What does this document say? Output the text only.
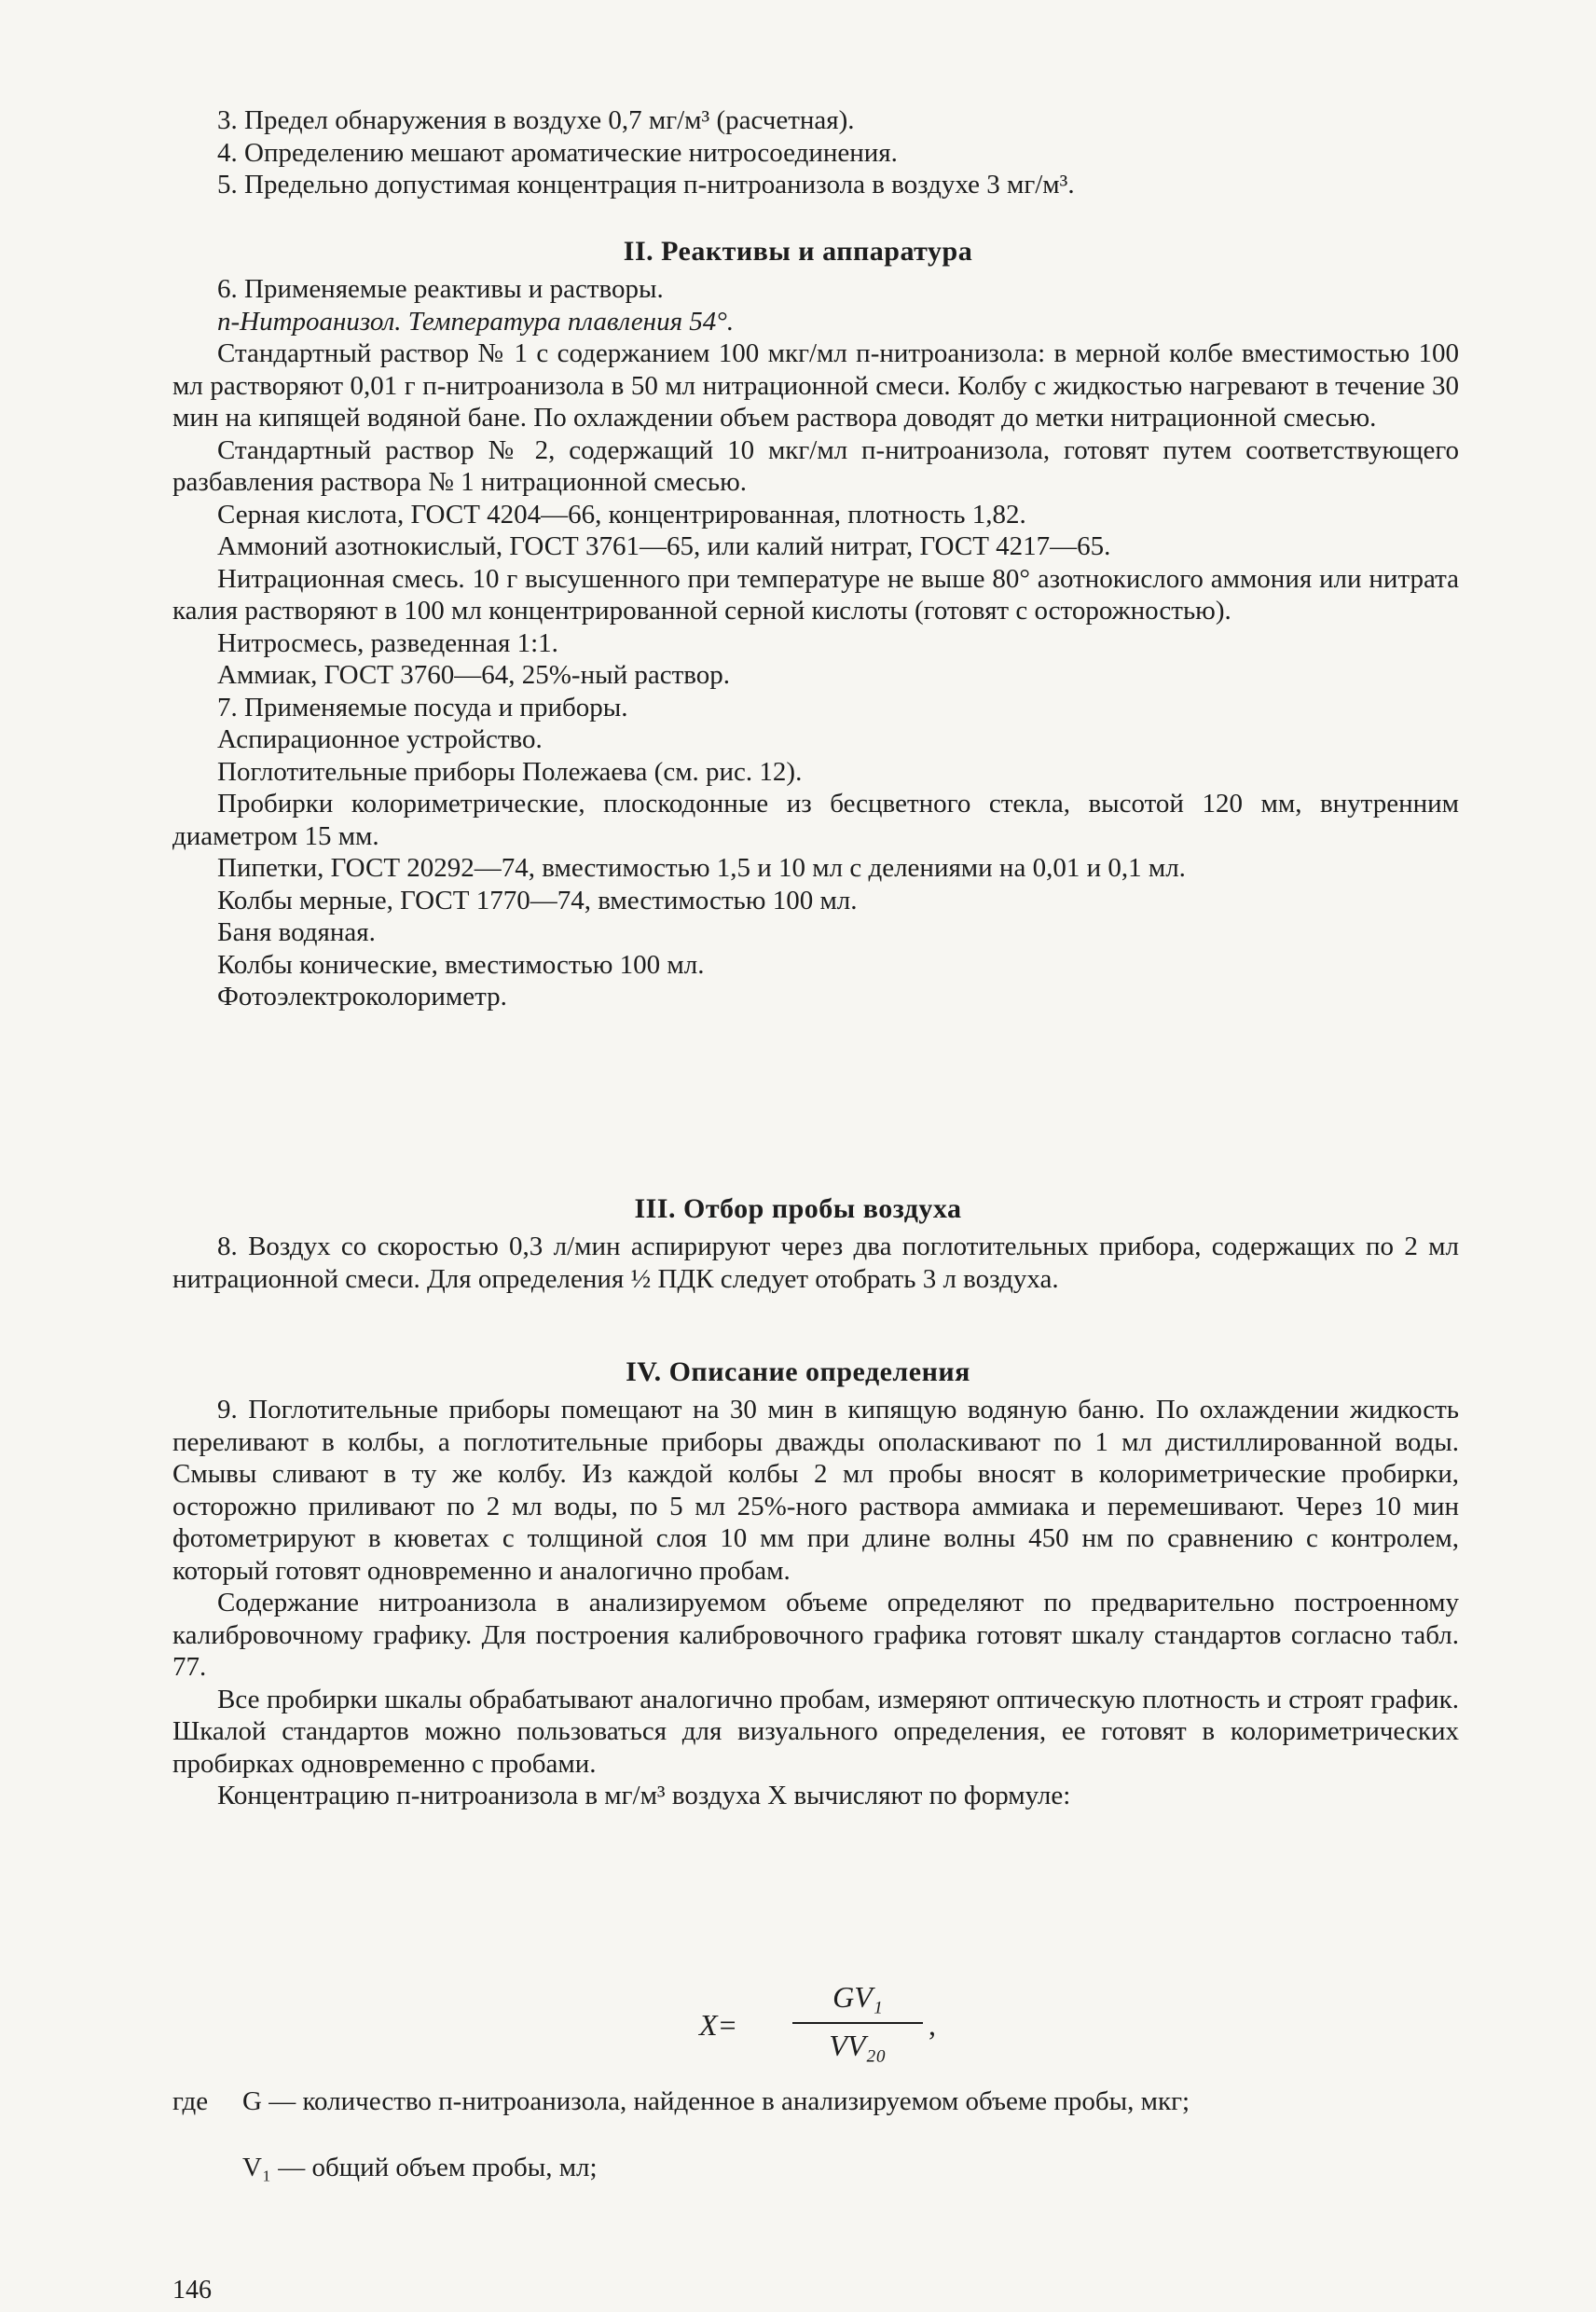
3. Предел обнаружения в воздухе 0,7 мг/м³ (расчетная).

4. Определению мешают ароматические нитросоединения.

5. Предельно допустимая концентрация п-нитроанизола в воздухе 3 мг/м³.

II. Реактивы и аппаратура

6. Применяемые реактивы и растворы.

п-Нитроанизол. Температура плавления 54°.

Стандартный раствор № 1 с содержанием 100 мкг/мл п-нитроанизола: в мерной колбе вместимостью 100 мл растворяют 0,01 г п-нитроанизола в 50 мл нитрационной смеси. Колбу с жидкостью нагревают в течение 30 мин на кипящей водяной бане. По охлаждении объем раствора доводят до метки нитрационной смесью.

Стандартный раствор № 2, содержащий 10 мкг/мл п-нитроанизола, готовят путем соответствующего разбавления раствора № 1 нитрационной смесью.

Серная кислота, ГОСТ 4204—66, концентрированная, плотность 1,82.

Аммоний азотнокислый, ГОСТ 3761—65, или калий нитрат, ГОСТ 4217—65.

Нитрационная смесь. 10 г высушенного при температуре не выше 80° азотнокислого аммония или нитрата калия растворяют в 100 мл концентрированной серной кислоты (готовят с осторожностью).

Нитросмесь, разведенная 1:1.

Аммиак, ГОСТ 3760—64, 25%-ный раствор.

7. Применяемые посуда и приборы.

Аспирационное устройство.

Поглотительные приборы Полежаева (см. рис. 12).

Пробирки колориметрические, плоскодонные из бесцветного стекла, высотой 120 мм, внутренним диаметром 15 мм.

Пипетки, ГОСТ 20292—74, вместимостью 1,5 и 10 мл с делениями на 0,01 и 0,1 мл.

Колбы мерные, ГОСТ 1770—74, вместимостью 100 мл.

Баня водяная.

Колбы конические, вместимостью 100 мл.

Фотоэлектроколориметр.

III. Отбор пробы воздуха

8. Воздух со скоростью 0,3 л/мин аспирируют через два поглотительных прибора, содержащих по 2 мл нитрационной смеси. Для определения ½ ПДК следует отобрать 3 л воздуха.

IV. Описание определения

9. Поглотительные приборы помещают на 30 мин в кипящую водяную баню. По охлаждении жидкость переливают в колбы, а поглотительные приборы дважды ополаскивают по 1 мл дистиллированной воды. Смывы сливают в ту же колбу. Из каждой колбы 2 мл пробы вносят в колориметрические пробирки, осторожно приливают по 2 мл воды, по 5 мл 25%-ного раствора аммиака и перемешивают. Через 10 мин фотометрируют в кюветах с толщиной слоя 10 мм при длине волны 450 нм по сравнению с контролем, который готовят одновременно и аналогично пробам.

Содержание нитроанизола в анализируемом объеме определяют по предварительно построенному калибровочному графику. Для построения калибровочного графика готовят шкалу стандартов согласно табл. 77.

Все пробирки шкалы обрабатывают аналогично пробам, измеряют оптическую плотность и строят график. Шкалой стандартов можно пользоваться для визуального определения, ее готовят в колориметрических пробирках одновременно с пробами.

Концентрацию п-нитроанизола в мг/м³ воздуха X вычисляют по формуле:

X=
GV₁
VV₂₀
,
где G — количество п-нитроанизола, найденное в анализируемом объеме пробы, мкг;
V₁ — общий объем пробы, мл;
146
